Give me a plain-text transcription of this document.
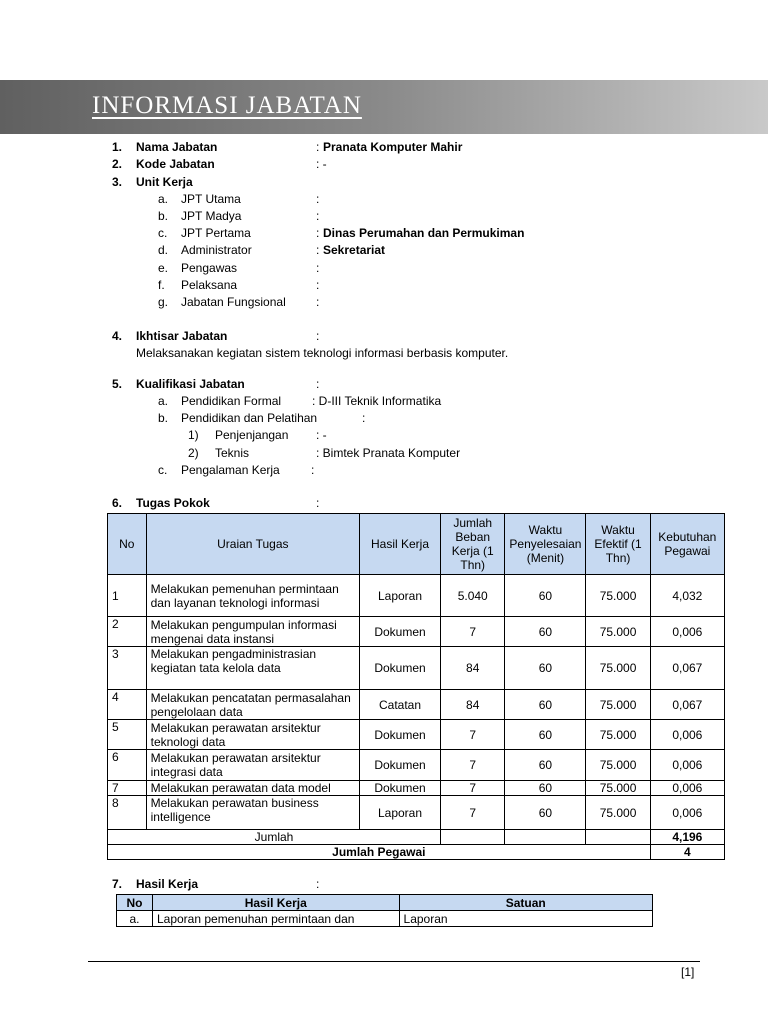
INFORMASI JABATAN
1. Nama Jabatan	: Pranata Komputer Mahir
2. Kode Jabatan	: -
3. Unit Kerja
a. JPT Utama	:
b. JPT Madya	:
c. JPT Pertama	: Dinas Perumahan dan Permukiman
d. Administrator	: Sekretariat
e. Pengawas	:
f. Pelaksana	:
g. Jabatan Fungsional	:
4. Ikhtisar Jabatan	:
Melaksanakan kegiatan sistem teknologi informasi berbasis komputer.
5. Kualifikasi Jabatan	:
a. Pendidikan Formal	: D-III Teknik Informatika
b. Pendidikan dan Pelatihan	:
1) Penjenjangan : -
2) Teknis	: Bimtek Pranata Komputer
c. Pengalaman Kerja	:
6. Tugas Pokok	:
No	Uraian Tugas	Hasil Kerja	Jumlah Beban Kerja (1 Thn)	Waktu Penyelesaian (Menit)	Waktu Efektif (1 Thn)	Kebutuhan Pegawai
1	Melakukan pemenuhan permintaan dan layanan teknologi informasi	Laporan	5.040	60	75.000	4,032
2	Melakukan pengumpulan informasi mengenai data instansi	Dokumen	7	60	75.000	0,006
3	Melakukan pengadministrasian kegiatan tata kelola data	Dokumen	84	60	75.000	0,067
4	Melakukan pencatatan permasalahan pengelolaan data	Catatan	84	60	75.000	0,067
5	Melakukan perawatan arsitektur teknologi data	Dokumen	7	60	75.000	0,006
6	Melakukan perawatan arsitektur integrasi data	Dokumen	7	60	75.000	0,006
7	Melakukan perawatan data model	Dokumen	7	60	75.000	0,006
8	Melakukan perawatan business intelligence	Laporan	7	60	75.000	0,006
Jumlah						4,196
Jumlah Pegawai						4
7. Hasil Kerja	:
No	Hasil Kerja	Satuan
a.	Laporan pemenuhan permintaan dan	Laporan
[1]
